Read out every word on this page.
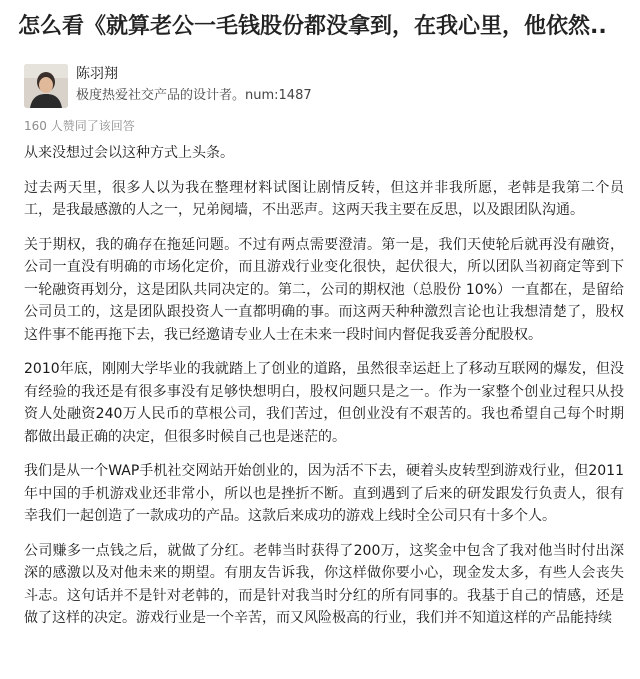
怎么看《就算老公一毛钱股份都没拿到，在我心里，他依然..
陈羽翔
极度热爱社交产品的设计者。num:1487
160 人赞同了该回答

从来没想过会以这种方式上头条。

过去两天里，很多人以为我在整理材料试图让剧情反转，但这并非我所愿，老韩是我第二个员工，是我最感激的人之一，兄弟阋墙，不出恶声。这两天我主要在反思，以及跟团队沟通。

关于期权，我的确存在拖延问题。不过有两点需要澄清。第一是，我们天使轮后就再没有融资，公司一直没有明确的市场化定价，而且游戏行业变化很快，起伏很大，所以团队当初商定等到下一轮融资再划分，这是团队共同决定的。第二，公司的期权池（总股份 10%）一直都在，是留给公司员工的，这是团队跟投资人一直都明确的事。而这两天种种激烈言论也让我想清楚了，股权这件事不能再拖下去，我已经邀请专业人士在未来一段时间内督促我妥善分配股权。

2010年底，刚刚大学毕业的我就踏上了创业的道路，虽然很幸运赶上了移动互联网的爆发，但没有经验的我还是有很多事没有足够快想明白，股权问题只是之一。作为一家整个创业过程只从投资人处融资240万人民币的草根公司，我们苦过，但创业没有不艰苦的。我也希望自己每个时期都做出最正确的决定，但很多时候自己也是迷茫的。

我们是从一个WAP手机社交网站开始创业的，因为活不下去，硬着头皮转型到游戏行业，但2011年中国的手机游戏业还非常小，所以也是挫折不断。直到遇到了后来的研发跟发行负责人，很有幸我们一起创造了一款成功的产品。这款后来成功的游戏上线时全公司只有十多个人。

公司赚多一点钱之后，就做了分红。老韩当时获得了200万，这奖金中包含了我对他当时付出深深的感激以及对他未来的期望。有朋友告诉我，你这样做你要小心，现金发太多，有些人会丧失斗志。这句话并不是针对老韩的，而是针对我当时分红的所有同事的。我基于自己的情感，还是做了这样的决定。游戏行业是一个辛苦，而又风险极高的行业，我们并不知道这样的产品能持续
